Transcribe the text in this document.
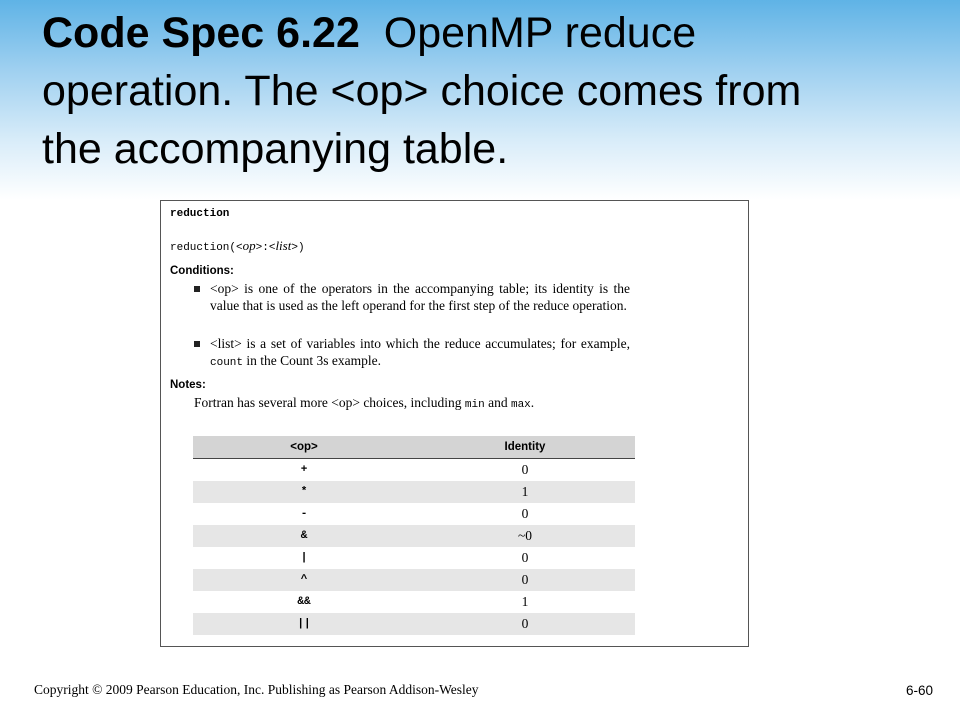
Code Spec 6.22 OpenMP reduce
operation. The <op> choice comes from
the accompanying table.
reduction
reduction(<op>:<list>)
Conditions:
<op> is one of the operators in the accompanying table; its identity is the value that is used as the left operand for the first step of the reduce operation.
<list> is a set of variables into which the reduce accumulates; for example, count in the Count 3s example.
Notes:
Fortran has several more <op> choices, including min and max.
<op>	Identity
+	0
*	1
-	0
&	~0
|	0
^	0
&&	1
||	0
Copyright © 2009 Pearson Education, Inc. Publishing as Pearson Addison-Wesley	6-60
